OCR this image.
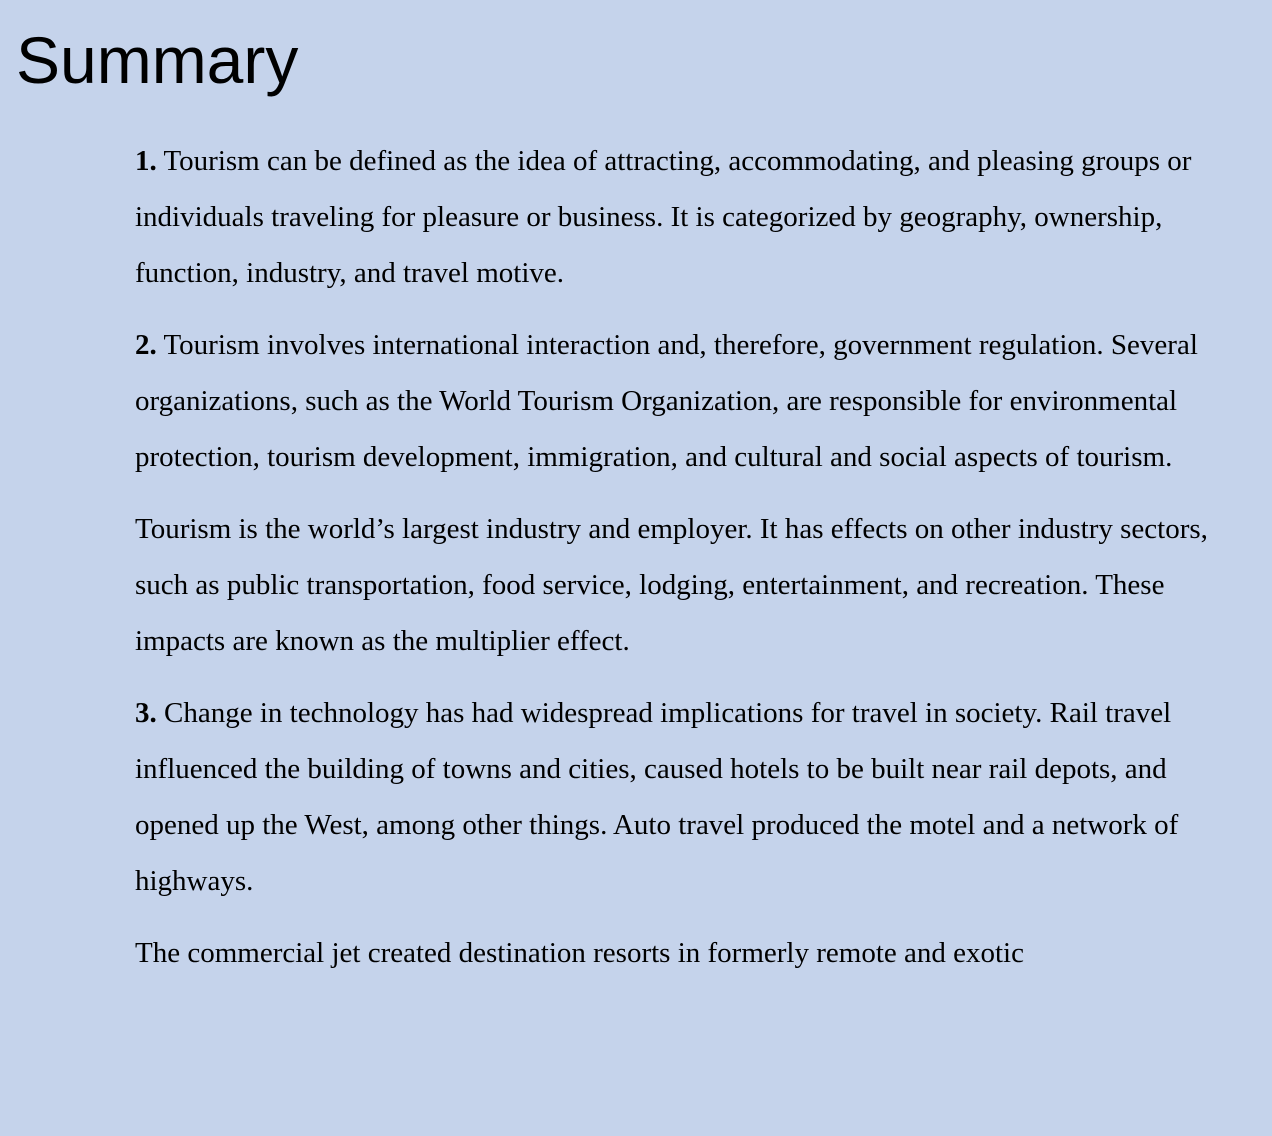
Summary

1. Tourism can be defined as the idea of attracting, accommodating, and pleasing groups or individuals traveling for pleasure or business. It is categorized by geography, ownership, function, industry, and travel motive.

2. Tourism involves international interaction and, therefore, government regulation. Several organizations, such as the World Tourism Organization, are responsible for environmental protection, tourism development, immigration, and cultural and social aspects of tourism.

Tourism is the world’s largest industry and employer. It has effects on other industry sectors, such as public transportation, food service, lodging, entertainment, and recreation. These impacts are known as the multiplier effect.

3. Change in technology has had widespread implications for travel in society. Rail travel influenced the building of towns and cities, caused hotels to be built near rail depots, and opened up the West, among other things. Auto travel produced the motel and a network of highways.

The commercial jet created destination resorts in formerly remote and exotic
